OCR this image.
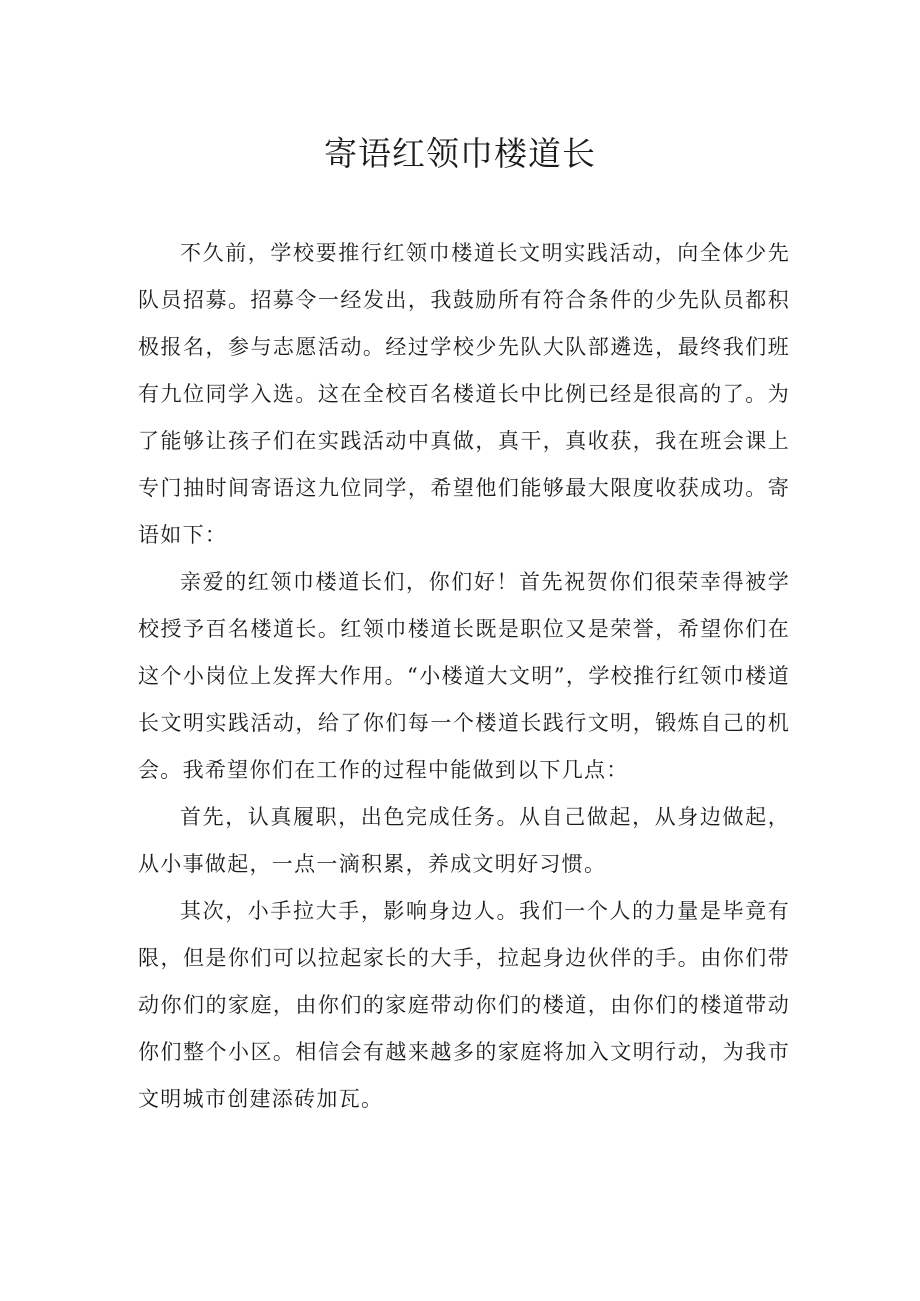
寄语红领巾楼道长

不久前，学校要推行红领巾楼道长文明实践活动，向全体少先队员招募。招募令一经发出，我鼓励所有符合条件的少先队员都积极报名，参与志愿活动。经过学校少先队大队部遴选，最终我们班有九位同学入选。这在全校百名楼道长中比例已经是很高的了。为了能够让孩子们在实践活动中真做，真干，真收获，我在班会课上专门抽时间寄语这九位同学，希望他们能够最大限度收获成功。寄语如下：

亲爱的红领巾楼道长们，你们好！首先祝贺你们很荣幸得被学校授予百名楼道长。红领巾楼道长既是职位又是荣誉，希望你们在这个小岗位上发挥大作用。“小楼道大文明”，学校推行红领巾楼道长文明实践活动，给了你们每一个楼道长践行文明，锻炼自己的机会。我希望你们在工作的过程中能做到以下几点：

首先，认真履职，出色完成任务。从自己做起，从身边做起，从小事做起，一点一滴积累，养成文明好习惯。

其次，小手拉大手，影响身边人。我们一个人的力量是毕竟有限，但是你们可以拉起家长的大手，拉起身边伙伴的手。由你们带动你们的家庭，由你们的家庭带动你们的楼道，由你们的楼道带动你们整个小区。相信会有越来越多的家庭将加入文明行动，为我市文明城市创建添砖加瓦。
